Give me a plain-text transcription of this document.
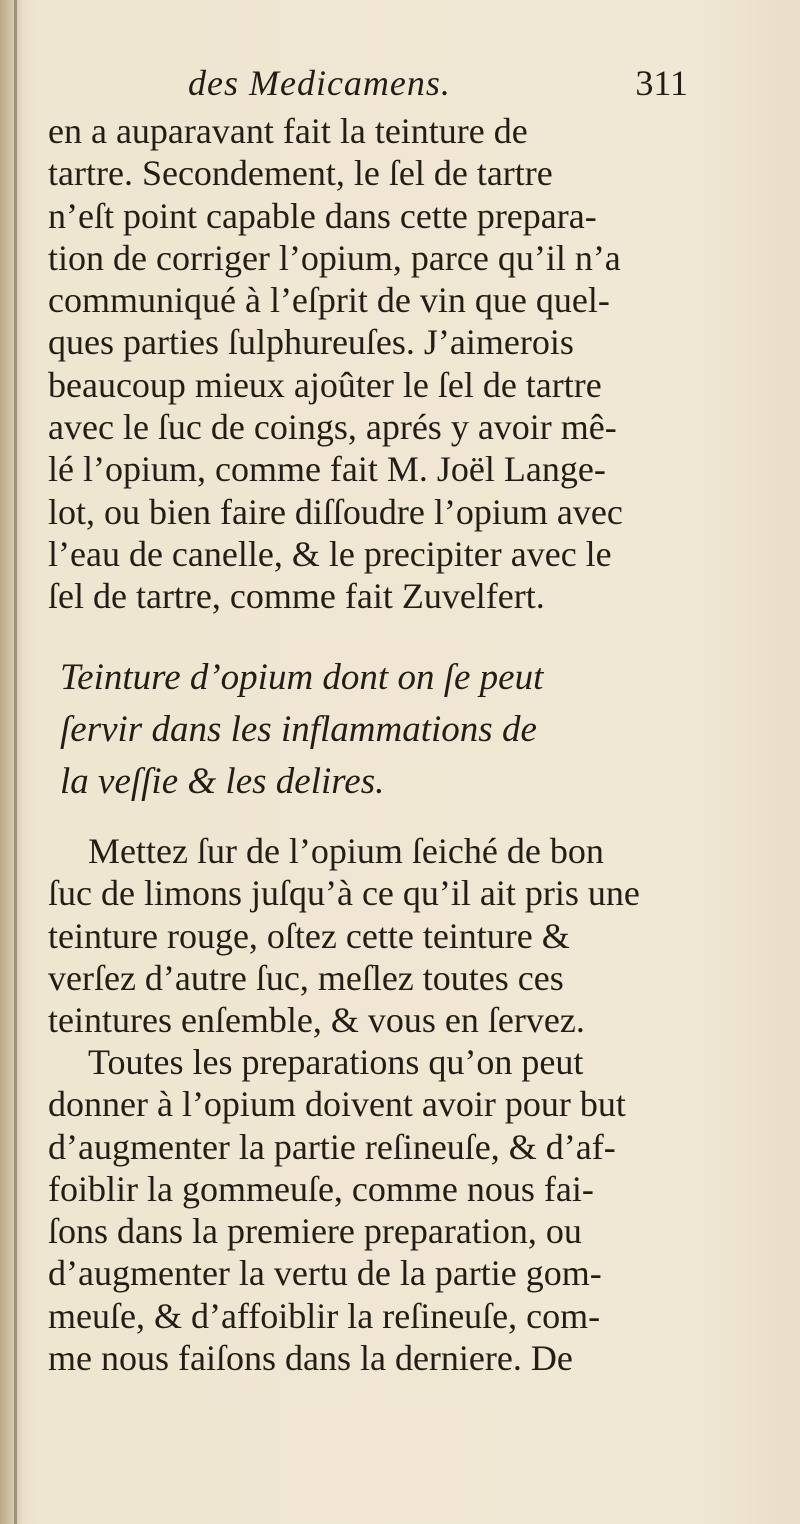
des Medicamens.	311
en a auparavant fait la teinture de
tartre. Secondement, le ſel de tartre
n’eſt point capable dans cette prepara-
tion de corriger l’opium, parce qu’il n’a
communiqué à l’eſprit de vin que quel-
ques parties ſulphureuſes. J’aimerois
beaucoup mieux ajoûter le ſel de tartre
avec le ſuc de coings, aprés y avoir mê-
lé l’opium, comme fait M. Joël Lange-
lot, ou bien faire diſſoudre l’opium avec
l’eau de canelle, & le precipiter avec le
ſel de tartre, comme fait Zuvelfert.
Teinture d’opium dont on ſe peut
ſervir dans les inflammations de
la veſſie & les delires.
Mettez ſur de l’opium ſeiché de bon
ſuc de limons juſqu’à ce qu’il ait pris une
teinture rouge, oſtez cette teinture &
verſez d’autre ſuc, meſlez toutes ces
teintures enſemble, & vous en ſervez.
Toutes les preparations qu’on peut
donner à l’opium doivent avoir pour but
d’augmenter la partie reſineuſe, & d’af-
foiblir la gommeuſe, comme nous fai-
ſons dans la premiere preparation, ou
d’augmenter la vertu de la partie gom-
meuſe, & d’affoiblir la reſineuſe, com-
me nous faiſons dans la derniere. De
